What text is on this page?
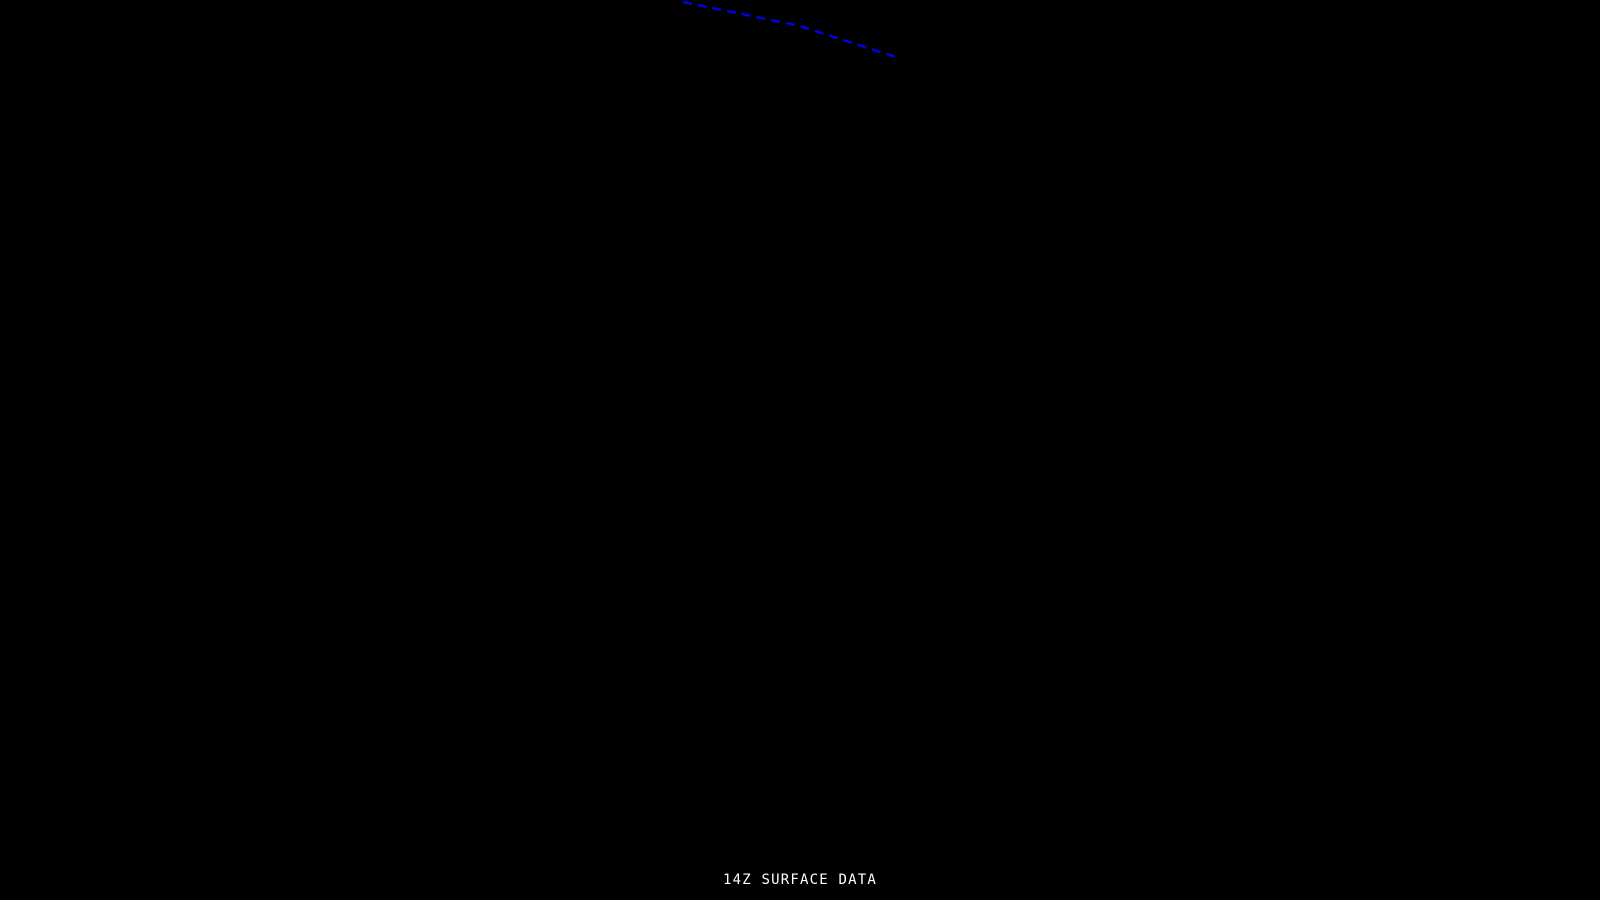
14Z SURFACE DATA
